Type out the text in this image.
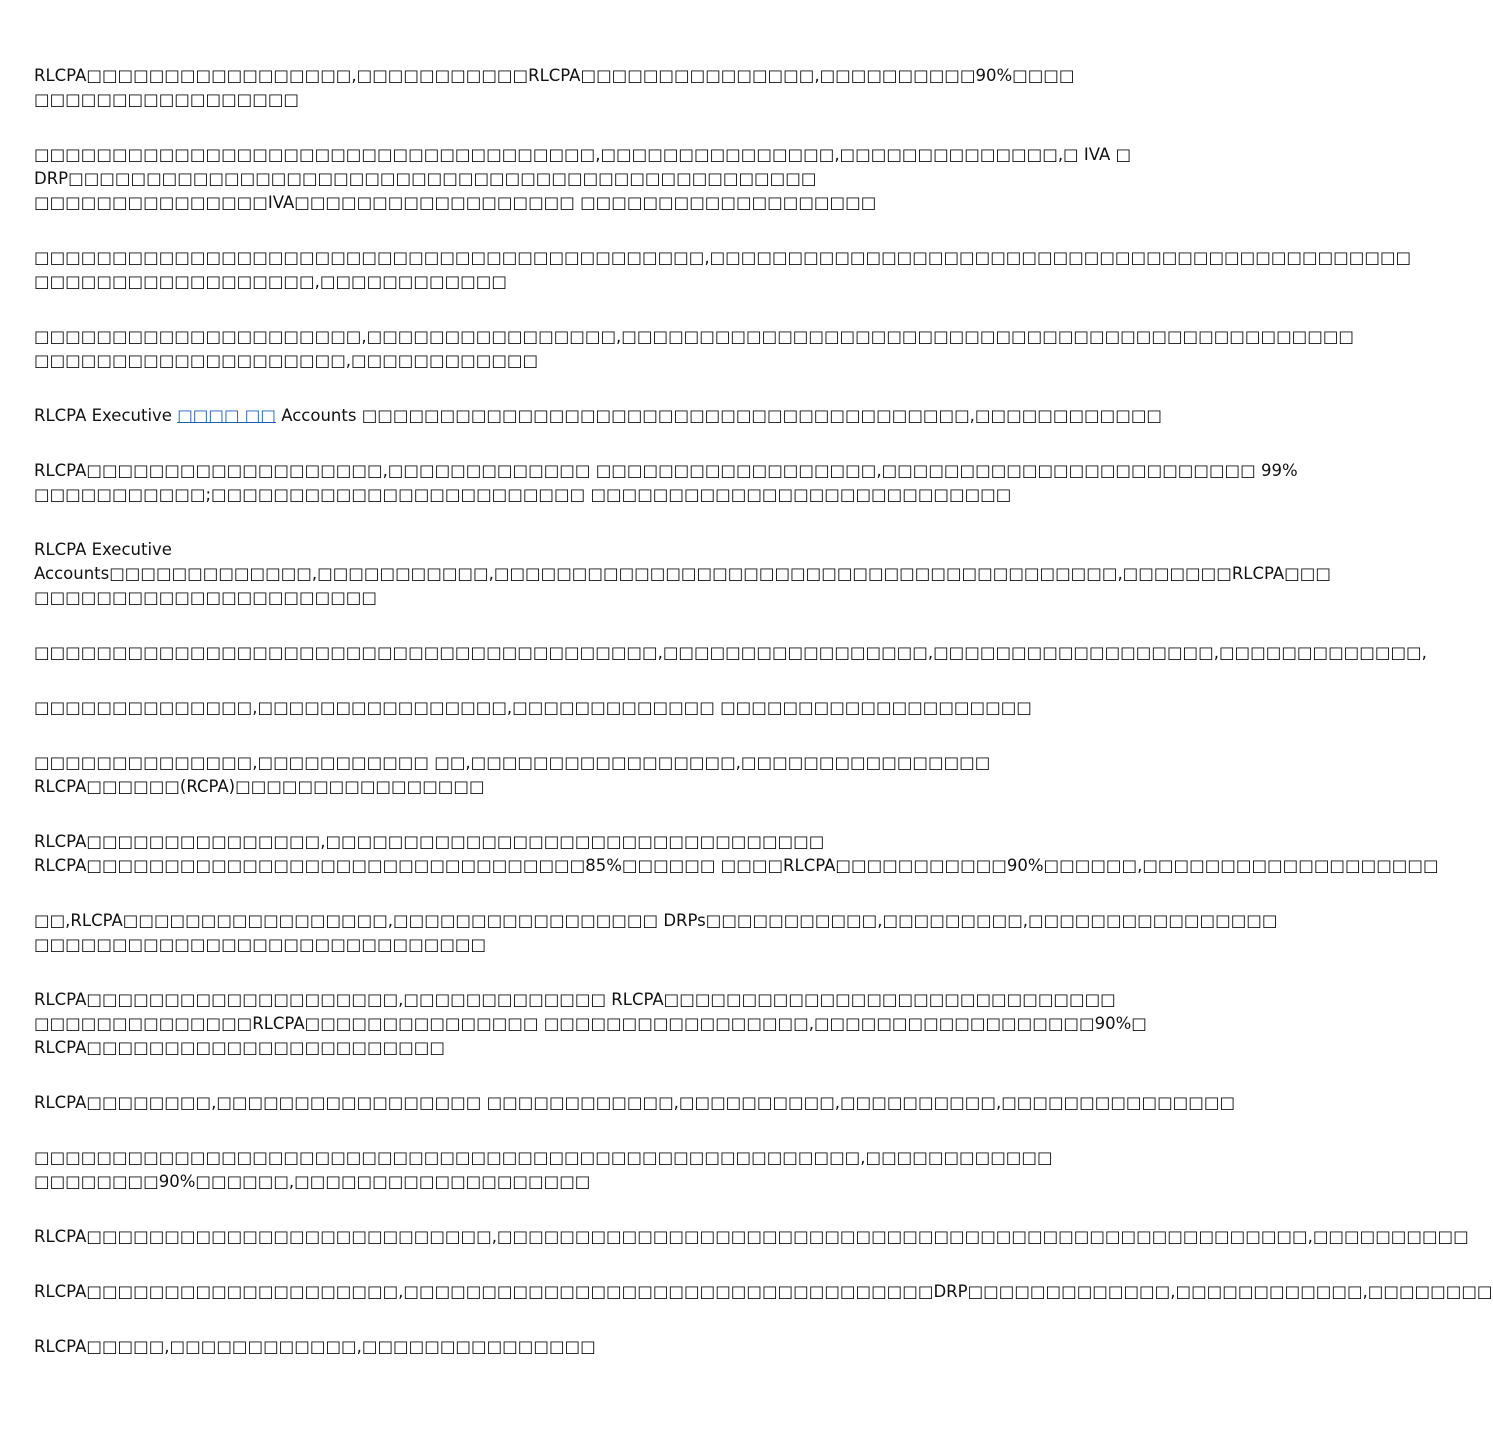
RLCPA□□□□□□□□□□□□□□□□□,□□□□□□□□□□□RLCPA□□□□□□□□□□□□□□□,□□□□□□□□□□90%□□□□
□□□□□□□□□□□□□□□□□

□□□□□□□□□□□□□□□□□□□□□□□□□□□□□□□□□□□□,□□□□□□□□□□□□□□□,□□□□□□□□□□□□□□,□ IVA □
DRP□□□□□□□□□□□□□□□□□□□□□□□□□□□□□□□□□□□□□□□□□□□□□□□□
□□□□□□□□□□□□□□□IVA□□□□□□□□□□□□□□□□□□ □□□□□□□□□□□□□□□□□□□

□□□□□□□□□□□□□□□□□□□□□□□□□□□□□□□□□□□□□□□□□□□,□□□□□□□□□□□□□□□□□□□□□□□□□□□□□□□□□□□□□□□□□□□□□
□□□□□□□□□□□□□□□□□□,□□□□□□□□□□□□

□□□□□□□□□□□□□□□□□□□□□,□□□□□□□□□□□□□□□□,□□□□□□□□□□□□□□□□□□□□□□□□□□□□□□□□□□□□□□□□□□□□□□□
□□□□□□□□□□□□□□□□□□□□,□□□□□□□□□□□□

RLCPA Executive □□□□ □□ Accounts □□□□□□□□□□□□□□□□□□□□□□□□□□□□□□□□□□□□□□□,□□□□□□□□□□□□

RLCPA□□□□□□□□□□□□□□□□□□□,□□□□□□□□□□□□□ □□□□□□□□□□□□□□□□□□,□□□□□□□□□□□□□□□□□□□□□□□□ 99%
□□□□□□□□□□□;□□□□□□□□□□□□□□□□□□□□□□□□ □□□□□□□□□□□□□□□□□□□□□□□□□□□

RLCPA Executive
Accounts□□□□□□□□□□□□□,□□□□□□□□□□□,□□□□□□□□□□□□□□□□□□□□□□□□□□□□□□□□□□□□□□□□,□□□□□□□RLCPA□□□
□□□□□□□□□□□□□□□□□□□□□□

□□□□□□□□□□□□□□□□□□□□□□□□□□□□□□□□□□□□□□□□,□□□□□□□□□□□□□□□□□,□□□□□□□□□□□□□□□□□□,□□□□□□□□□□□□□,

□□□□□□□□□□□□□□,□□□□□□□□□□□□□□□□,□□□□□□□□□□□□□ □□□□□□□□□□□□□□□□□□□□

□□□□□□□□□□□□□□,□□□□□□□□□□□ □□,□□□□□□□□□□□□□□□□□,□□□□□□□□□□□□□□□□
RLCPA□□□□□□(RCPA)□□□□□□□□□□□□□□□□

RLCPA□□□□□□□□□□□□□□□,□□□□□□□□□□□□□□□□□□□□□□□□□□□□□□□□
RLCPA□□□□□□□□□□□□□□□□□□□□□□□□□□□□□□□□85%□□□□□□ □□□□RLCPA□□□□□□□□□□□90%□□□□□□,□□□□□□□□□□□□□□□□□□□

□□,RLCPA□□□□□□□□□□□□□□□□□,□□□□□□□□□□□□□□□□□ DRPs□□□□□□□□□□□,□□□□□□□□□,□□□□□□□□□□□□□□□□
□□□□□□□□□□□□□□□□□□□□□□□□□□□□□

RLCPA□□□□□□□□□□□□□□□□□□□□,□□□□□□□□□□□□□ RLCPA□□□□□□□□□□□□□□□□□□□□□□□□□□□□□
□□□□□□□□□□□□□□RLCPA□□□□□□□□□□□□□□□ □□□□□□□□□□□□□□□□□,□□□□□□□□□□□□□□□□□□90%□
RLCPA□□□□□□□□□□□□□□□□□□□□□□□

RLCPA□□□□□□□□,□□□□□□□□□□□□□□□□□ □□□□□□□□□□□□,□□□□□□□□□□,□□□□□□□□□□,□□□□□□□□□□□□□□□

□□□□□□□□□□□□□□□□□□□□□□□□□□□□□□□□□□□□□□□□□□□□□□□□□□□□□,□□□□□□□□□□□□
□□□□□□□□90%□□□□□□,□□□□□□□□□□□□□□□□□□□

RLCPA□□□□□□□□□□□□□□□□□□□□□□□□□□,□□□□□□□□□□□□□□□□□□□□□□□□□□□□□□□□□□□□□□□□□□□□□□□□□□□□,□□□□□□□□□□

RLCPA□□□□□□□□□□□□□□□□□□□□,□□□□□□□□□□□□□□□□□□□□□□□□□□□□□□□□□□DRP□□□□□□□□□□□□□,□□□□□□□□□□□□,□□□□□□□□

RLCPA□□□□□,□□□□□□□□□□□□,□□□□□□□□□□□□□□□
